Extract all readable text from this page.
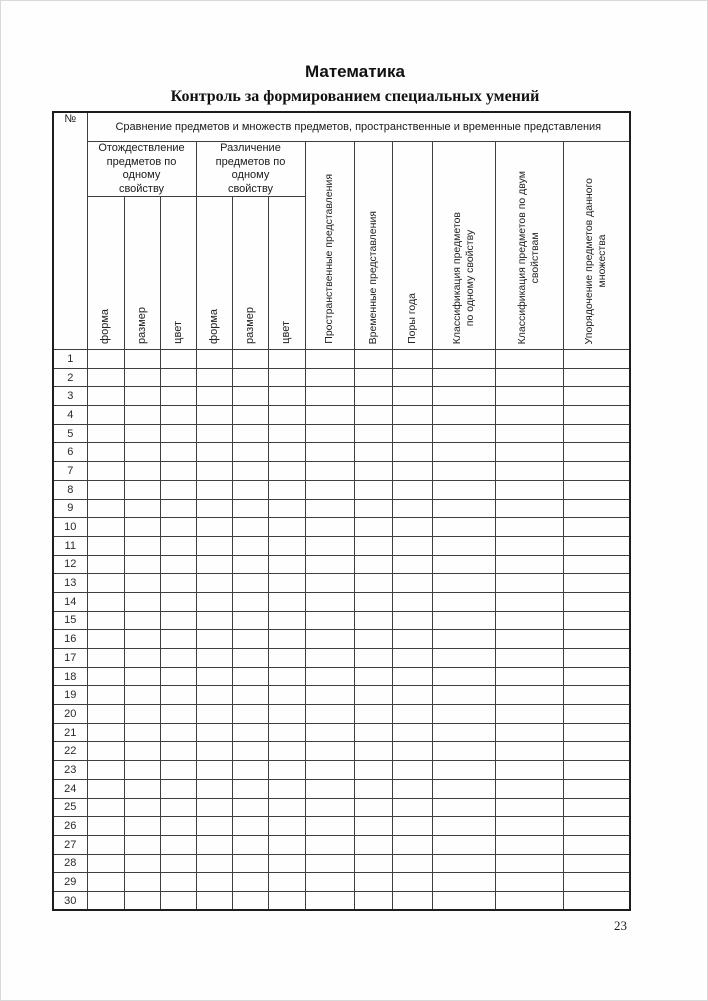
Математика
Контроль за формированием специальных умений
№	Сравнение предметов и множеств предметов, пространственные и временные представления											
	Отождествление
предметов по одному
свойству			Различение
предметов по одному
свойству			Пространственные представления	Временные представления	Поры года	Классификация предметов
по одному свойству	Классификация предметов по двум
свойствам	Упорядочение предметов данного
множества
	форма	размер	цвет	форма	размер	цвет						
1												
2												
3												
4												
5												
6												
7												
8												
9												
10												
11												
12												
13												
14												
15												
16												
17												
18												
19												
20												
21												
22												
23												
24												
25												
26												
27												
28												
29												
30												
23
